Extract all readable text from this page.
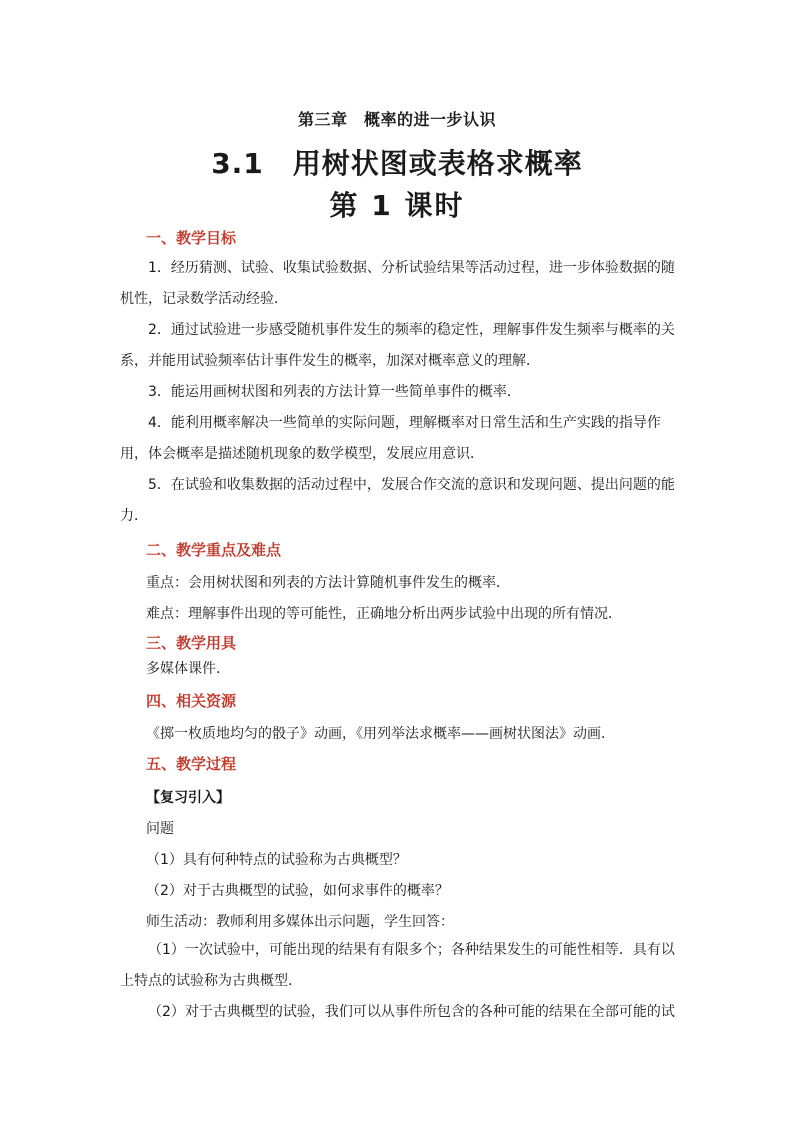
第三章　概率的进一步认识
3.1　用树状图或表格求概率
第 1 课时
一、教学目标

1．经历猜测、试验、收集试验数据、分析试验结果等活动过程，进一步体验数据的随机性，记录数学活动经验．

2．通过试验进一步感受随机事件发生的频率的稳定性，理解事件发生频率与概率的关系，并能用试验频率估计事件发生的概率，加深对概率意义的理解．

3．能运用画树状图和列表的方法计算一些简单事件的概率．

4．能利用概率解决一些简单的实际问题，理解概率对日常生活和生产实践的指导作用，体会概率是描述随机现象的数学模型，发展应用意识．

5．在试验和收集数据的活动过程中，发展合作交流的意识和发现问题、提出问题的能力．

二、教学重点及难点

重点：会用树状图和列表的方法计算随机事件发生的概率．

难点：理解事件出现的等可能性，正确地分析出两步试验中出现的所有情况．

三、教学用具

多媒体课件．

四、相关资源

《掷一枚质地均匀的骰子》动画，《用列举法求概率——画树状图法》动画．

五、教学过程

【复习引入】

问题

（1）具有何种特点的试验称为古典概型？

（2）对于古典概型的试验，如何求事件的概率？

师生活动：教师利用多媒体出示问题，学生回答：

（1）一次试验中，可能出现的结果有有限多个；各种结果发生的可能性相等．具有以上特点的试验称为古典概型．

（2）对于古典概型的试验，我们可以从事件所包含的各种可能的结果在全部可能的试
